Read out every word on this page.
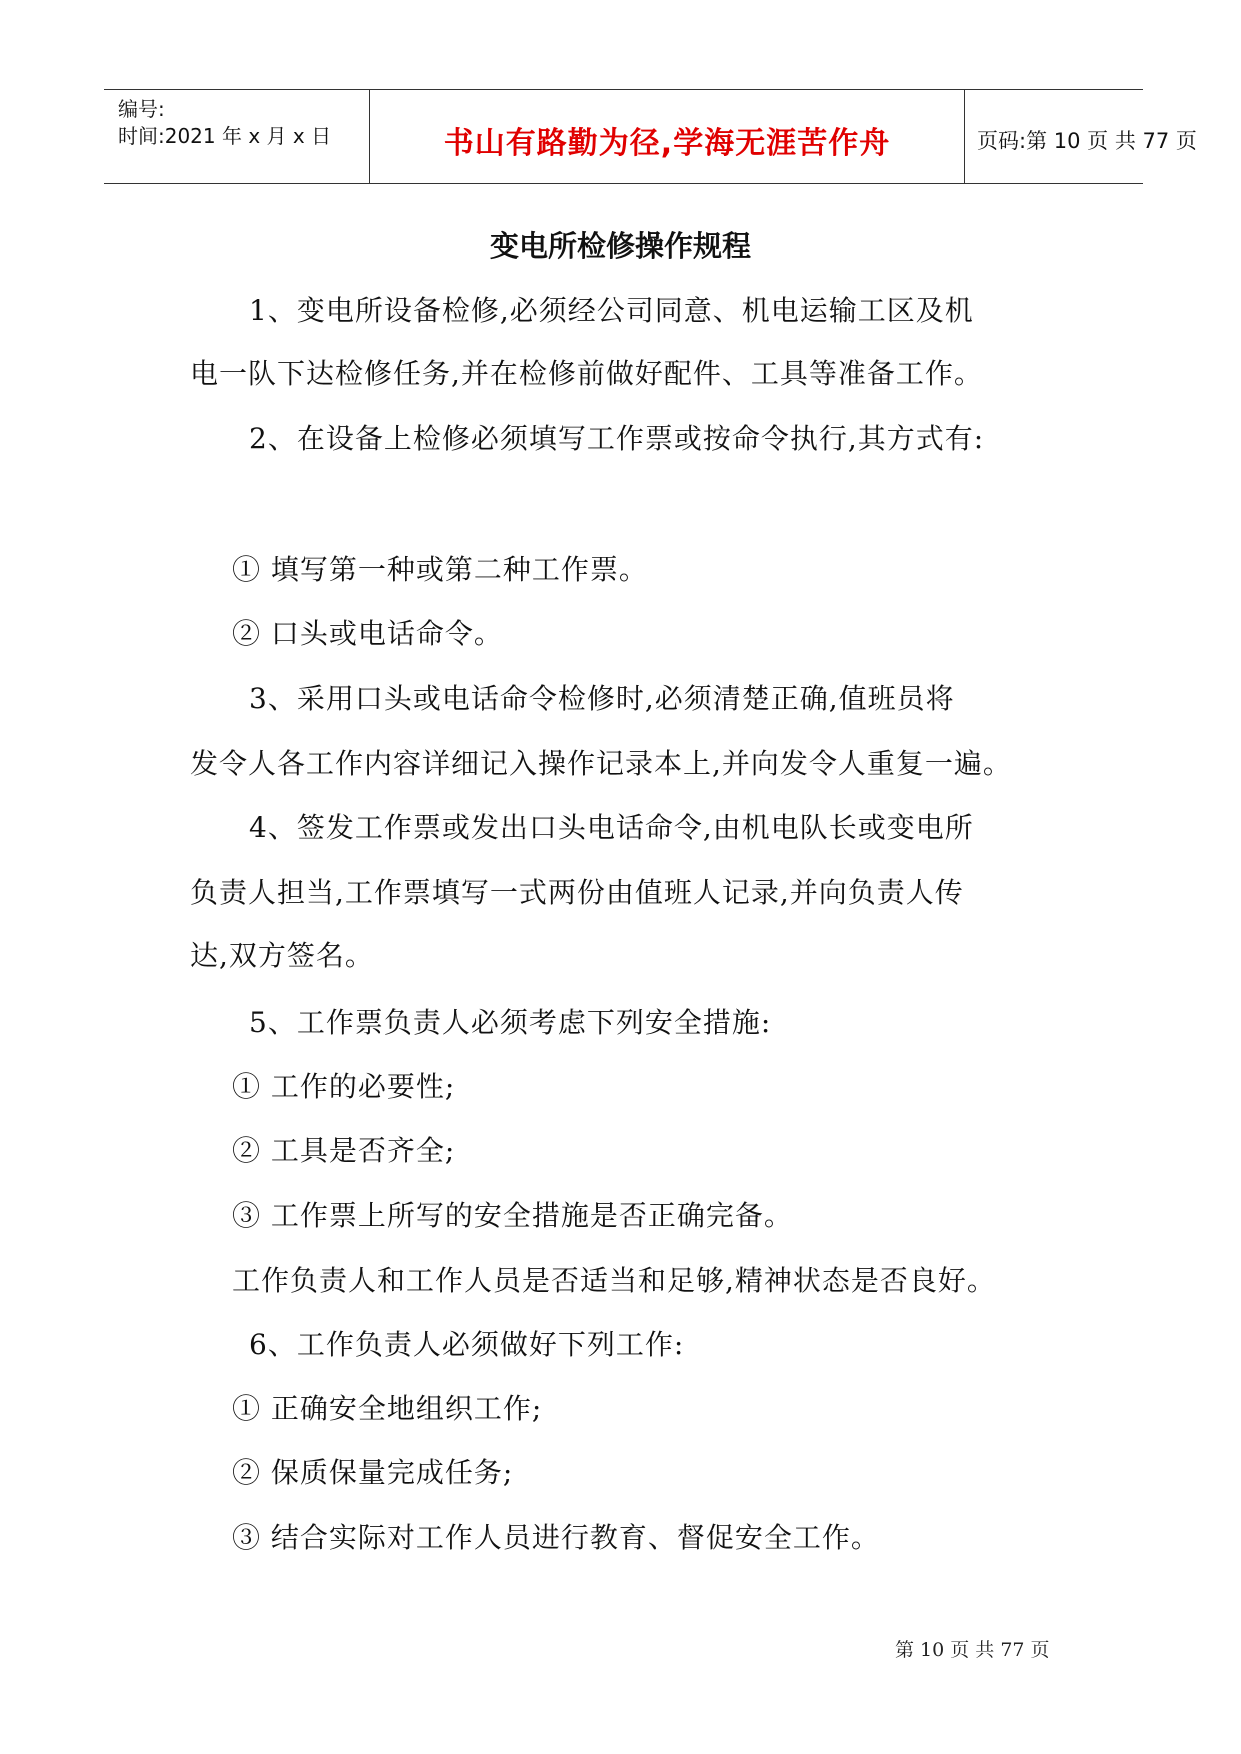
编号:
时间:2021 年 x 月 x 日	书山有路勤为径,学海无涯苦作舟	页码:第 10 页 共 77 页
变电所检修操作规程
1、变电所设备检修,必须经公司同意、机电运输工区及机
电一队下达检修任务,并在检修前做好配件、工具等准备工作。
2、在设备上检修必须填写工作票或按命令执行,其方式有:
① 填写第一种或第二种工作票。
② 口头或电话命令。
3、采用口头或电话命令检修时,必须清楚正确,值班员将
发令人各工作内容详细记入操作记录本上,并向发令人重复一遍。
4、签发工作票或发出口头电话命令,由机电队长或变电所
负责人担当,工作票填写一式两份由值班人记录,并向负责人传
达,双方签名。
5、工作票负责人必须考虑下列安全措施:
① 工作的必要性;
② 工具是否齐全;
③ 工作票上所写的安全措施是否正确完备。
工作负责人和工作人员是否适当和足够,精神状态是否良好。
6、工作负责人必须做好下列工作:
① 正确安全地组织工作;
② 保质保量完成任务;
③ 结合实际对工作人员进行教育、督促安全工作。
第 10 页 共 77 页
